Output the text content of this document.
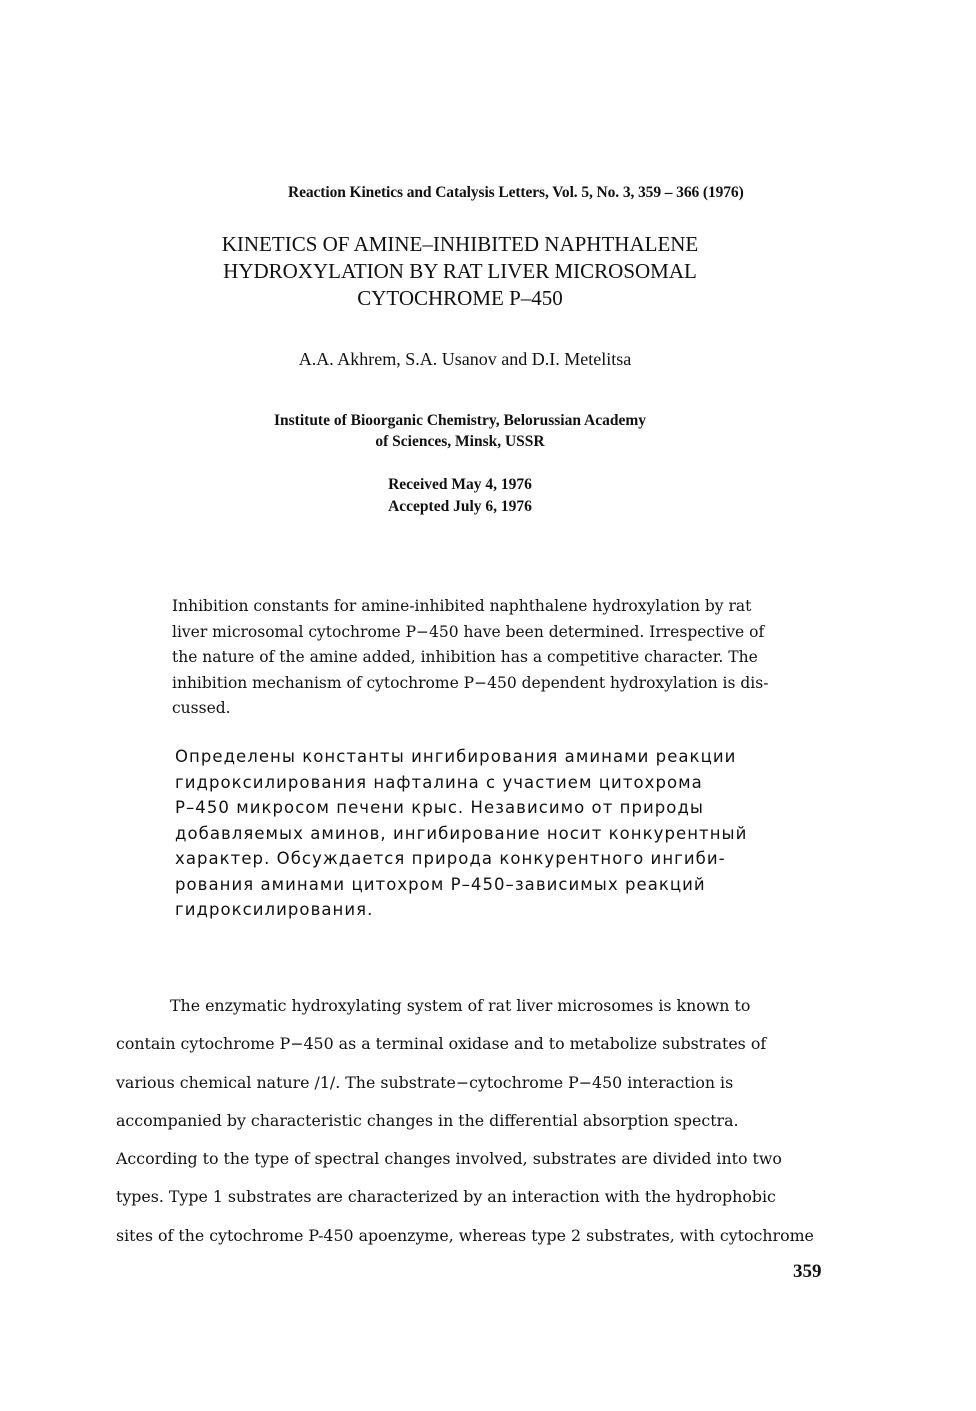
Reaction Kinetics and Catalysis Letters, Vol. 5, No. 3, 359 – 366 (1976)
KINETICS OF AMINE–INHIBITED NAPHTHALENE
HYDROXYLATION BY RAT LIVER MICROSOMAL
CYTOCHROME P–450
A.A. Akhrem, S.A. Usanov and D.I. Metelitsa
Institute of Bioorganic Chemistry, Belorussian Academy
of Sciences, Minsk, USSR
Received May 4, 1976
Accepted July 6, 1976
Inhibition constants for amine-inhibited naphthalene hydroxylation by rat
liver microsomal cytochrome P−450 have been determined. Irrespective of
the nature of the amine added, inhibition has a competitive character. The
inhibition mechanism of cytochrome P−450 dependent hydroxylation is dis-
cussed.
Определены константы ингибирования аминами реакции
гидроксилирования нафталина с участием цитохрома
Р–450 микросом печени крыс. Независимо от природы
добавляемых аминов, ингибирование носит конкурентный
характер. Обсуждается природа конкурентного ингиби-
рования аминами цитохром Р–450–зависимых реакций
гидроксилирования.
The enzymatic hydroxylating system of rat liver microsomes is known to
contain cytochrome P−450 as a terminal oxidase and to metabolize substrates of
various chemical nature /1/. The substrate−cytochrome P−450 interaction is
accompanied by characteristic changes in the differential absorption spectra.
According to the type of spectral changes involved, substrates are divided into two
types. Type 1 substrates are characterized by an interaction with the hydrophobic
sites of the cytochrome P-450 apoenzyme, whereas type 2 substrates, with cytochrome
359
